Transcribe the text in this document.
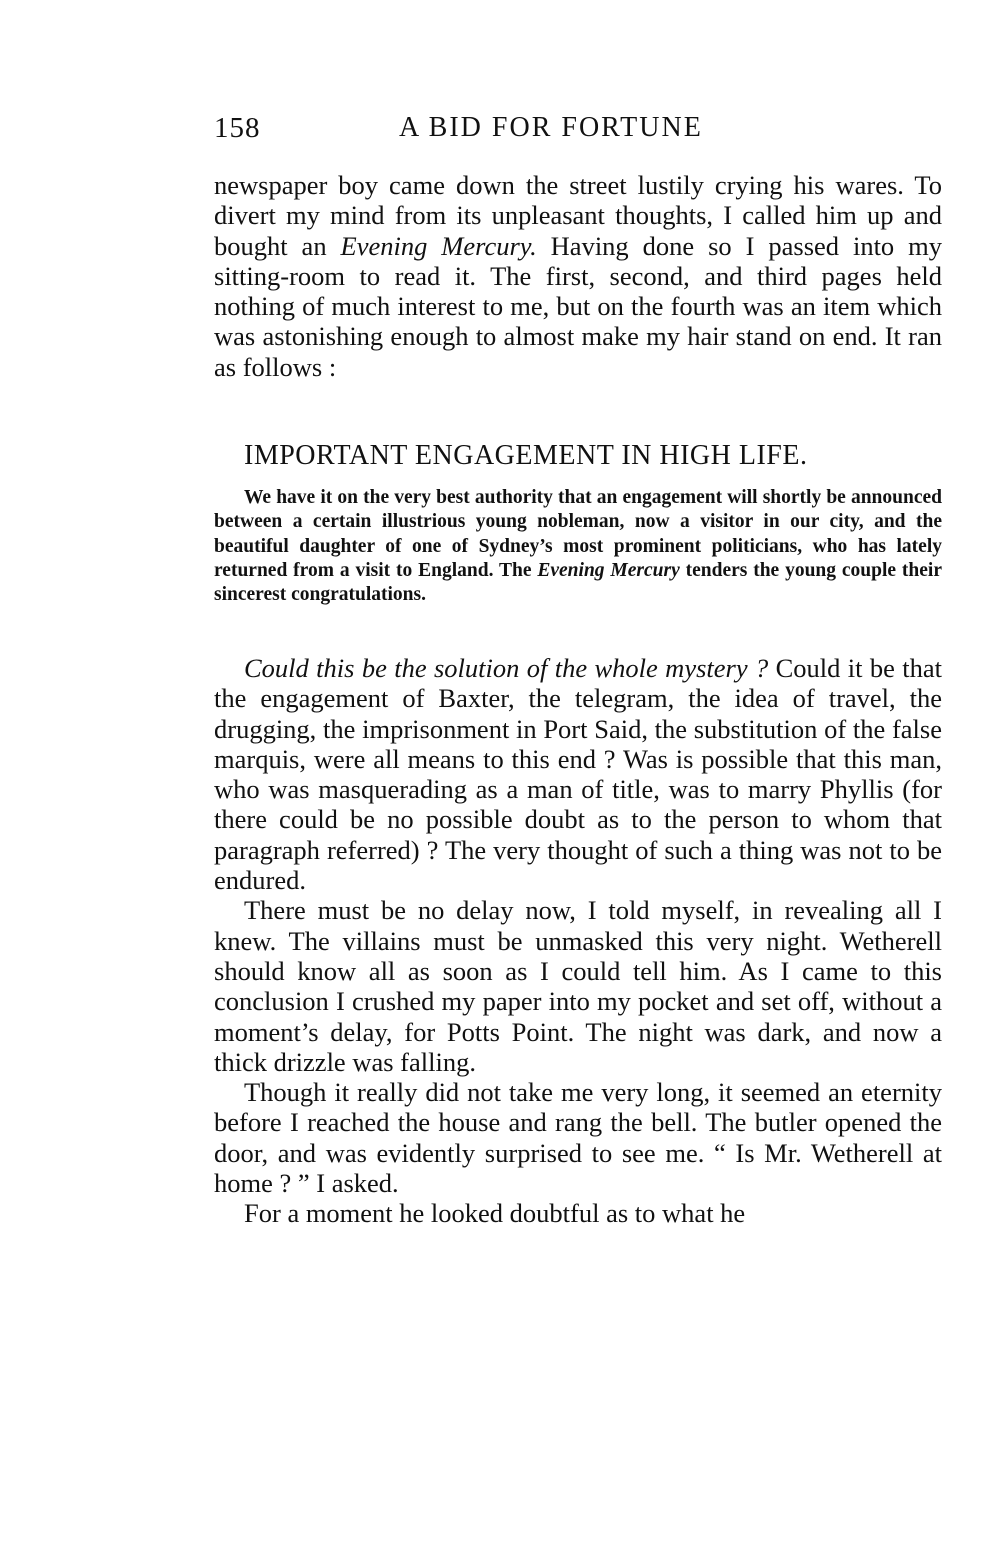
158	A BID FOR FORTUNE

newspaper boy came down the street lustily crying his wares. To divert my mind from its unpleasant thoughts, I called him up and bought an Evening Mercury. Having done so I passed into my sitting-room to read it. The first, second, and third pages held nothing of much interest to me, but on the fourth was an item which was astonishing enough to almost make my hair stand on end. It ran as follows :

IMPORTANT ENGAGEMENT IN HIGH LIFE.

We have it on the very best authority that an engagement will shortly be announced between a certain illustrious young nobleman, now a visitor in our city, and the beautiful daughter of one of Sydney’s most prominent politicians, who has lately returned from a visit to England. The Evening Mercury tenders the young couple their sincerest congratulations.

Could this be the solution of the whole mystery ? Could it be that the engagement of Baxter, the telegram, the idea of travel, the drugging, the imprisonment in Port Said, the substitution of the false marquis, were all means to this end ? Was is possible that this man, who was masquerading as a man of title, was to marry Phyllis (for there could be no possible doubt as to the person to whom that paragraph referred) ? The very thought of such a thing was not to be endured.

There must be no delay now, I told myself, in revealing all I knew. The villains must be unmasked this very night. Wetherell should know all as soon as I could tell him. As I came to this conclusion I crushed my paper into my pocket and set off, without a moment’s delay, for Potts Point. The night was dark, and now a thick drizzle was falling.

Though it really did not take me very long, it seemed an eternity before I reached the house and rang the bell. The butler opened the door, and was evidently surprised to see me. “ Is Mr. Wetherell at home ? ” I asked.

For a moment he looked doubtful as to what he
